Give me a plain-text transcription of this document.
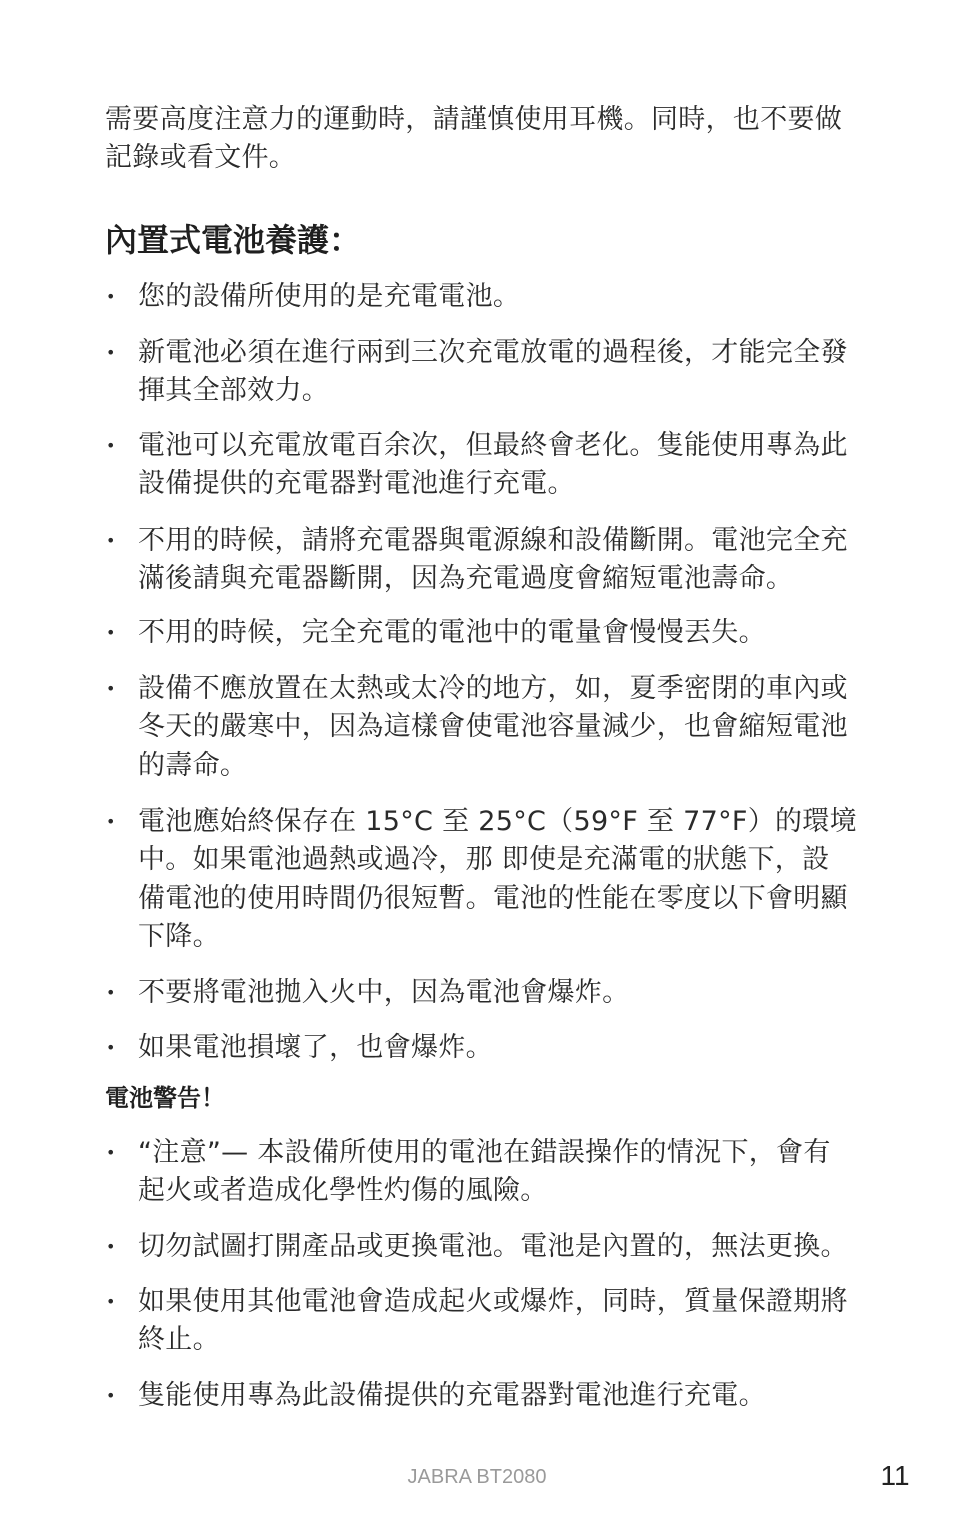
需要高度注意力的運動時，請謹慎使用耳機。同時，也不要做
記錄或看文件。
內置式電池養護：
• 您的設備所使用的是充電電池。
• 新電池必須在進行兩到三次充電放電的過程後，才能完全發
揮其全部效力。
• 電池可以充電放電百余次，但最終會老化。隻能使用專為此
設備提供的充電器對電池進行充電。
• 不用的時候，請將充電器與電源線和設備斷開。電池完全充
滿後請與充電器斷開，因為充電過度會縮短電池壽命。
• 不用的時候，完全充電的電池中的電量會慢慢丟失。
• 設備不應放置在太熱或太冷的地方，如，夏季密閉的車內或
冬天的嚴寒中，因為這樣會使電池容量減少，也會縮短電池
的壽命。
• 電池應始終保存在 15°C 至 25°C（59°F 至 77°F）的環境
中。如果電池過熱或過冷，那 即使是充滿電的狀態下，設
備電池的使用時間仍很短暫。電池的性能在零度以下會明顯
下降。
• 不要將電池拋入火中，因為電池會爆炸。
• 如果電池損壞了，也會爆炸。
電池警告！
• “注意”— 本設備所使用的電池在錯誤操作的情況下，會有
起火或者造成化學性灼傷的風險。
• 切勿試圖打開產品或更換電池。電池是內置的，無法更換。
• 如果使用其他電池會造成起火或爆炸，同時，質量保證期將
終止。
• 隻能使用專為此設備提供的充電器對電池進行充電。
JABRA BT2080	11
